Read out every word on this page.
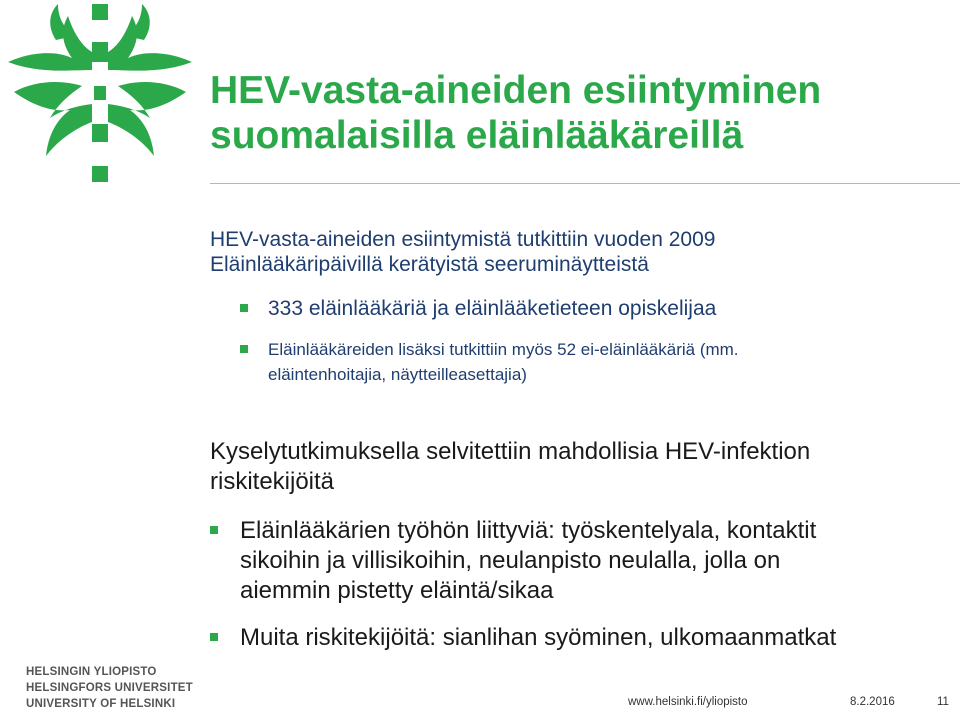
HEV-vasta-aineiden esiintyminen
suomalaisilla eläinlääkäreillä
HEV-vasta-aineiden esiintymistä tutkittiin vuoden 2009
Eläinlääkäripäivillä kerätyistä seeruminäytteistä
333 eläinlääkäriä ja eläinlääketieteen opiskelijaa
Eläinlääkäreiden lisäksi tutkittiin myös 52 ei-eläinlääkäriä (mm.
eläintenhoitajia, näytteilleasettajia)
Kyselytutkimuksella selvitettiin mahdollisia HEV-infektion
riskitekijöitä
Eläinlääkärien työhön liittyviä: työskentelyala, kontaktit
sikoihin ja villisikoihin, neulanpisto neulalla, jolla on
aiemmin pistetty eläintä/sikaa
Muita riskitekijöitä: sianlihan syöminen, ulkomaanmatkat
HELSINGIN YLIOPISTO
HELSINGFORS UNIVERSITET
UNIVERSITY OF HELSINKI	www.helsinki.fi/yliopisto	8.2.2016	11
